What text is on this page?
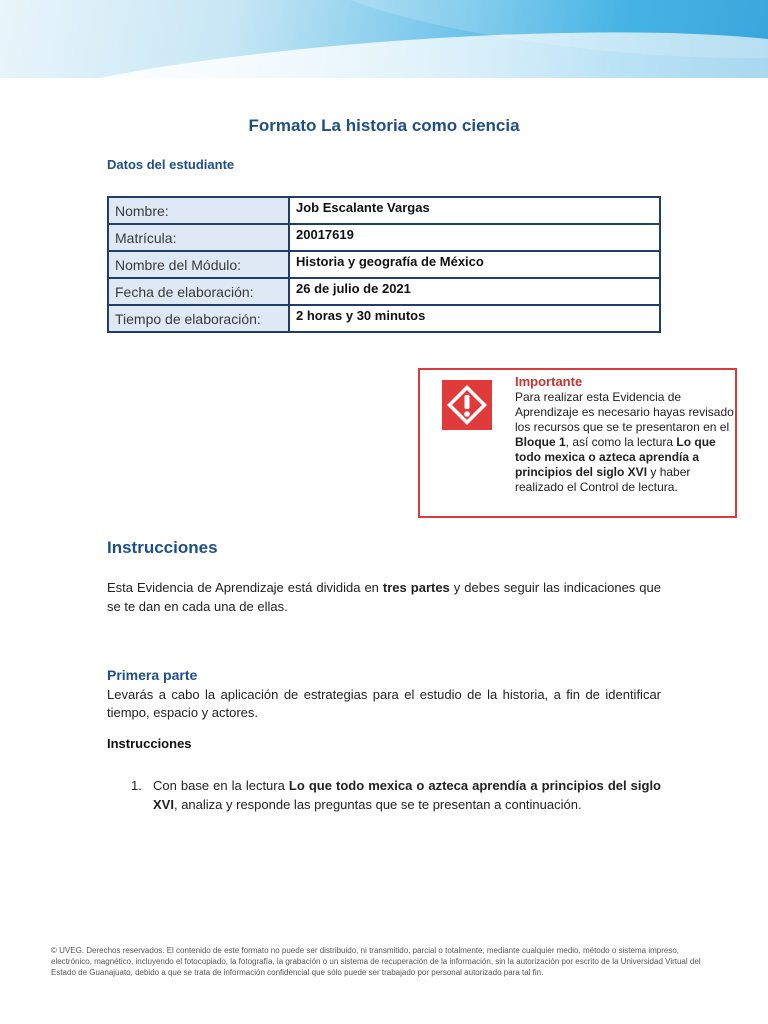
Formato La historia como ciencia
Datos del estudiante
Nombre:	Job Escalante Vargas
Matrícula:	20017619
Nombre del Módulo:	Historia y geografía de México
Fecha de elaboración:	26 de julio de 2021
Tiempo de elaboración:	2 horas y 30 minutos
Importante
Para realizar esta Evidencia de Aprendizaje es necesario hayas revisado los recursos que se te presentaron en el Bloque 1, así como la lectura Lo que todo mexica o azteca aprendía a principios del siglo XVI y haber realizado el Control de lectura.
Instrucciones
Esta Evidencia de Aprendizaje está dividida en tres partes y debes seguir las indicaciones que se te dan en cada una de ellas.
Primera parte
Levarás a cabo la aplicación de estrategias para el estudio de la historia, a fin de identificar tiempo, espacio y actores.
Instrucciones
1. Con base en la lectura Lo que todo mexica o azteca aprendía a principios del siglo XVI, analiza y responde las preguntas que se te presentan a continuación.
© UVEG. Derechos reservados. El contenido de este formato no puede ser distribuido, ni transmitido, parcial o totalmente, mediante cualquier medio, método o sistema impreso, electrónico, magnético, incluyendo el fotocopiado, la fotografía, la grabación o un sistema de recuperación de la información, sin la autorización por escrito de la Universidad Virtual del Estado de Guanajuato, debido a que se trata de información confidencial que sólo puede ser trabajado por personal autorizado para tal fin.
